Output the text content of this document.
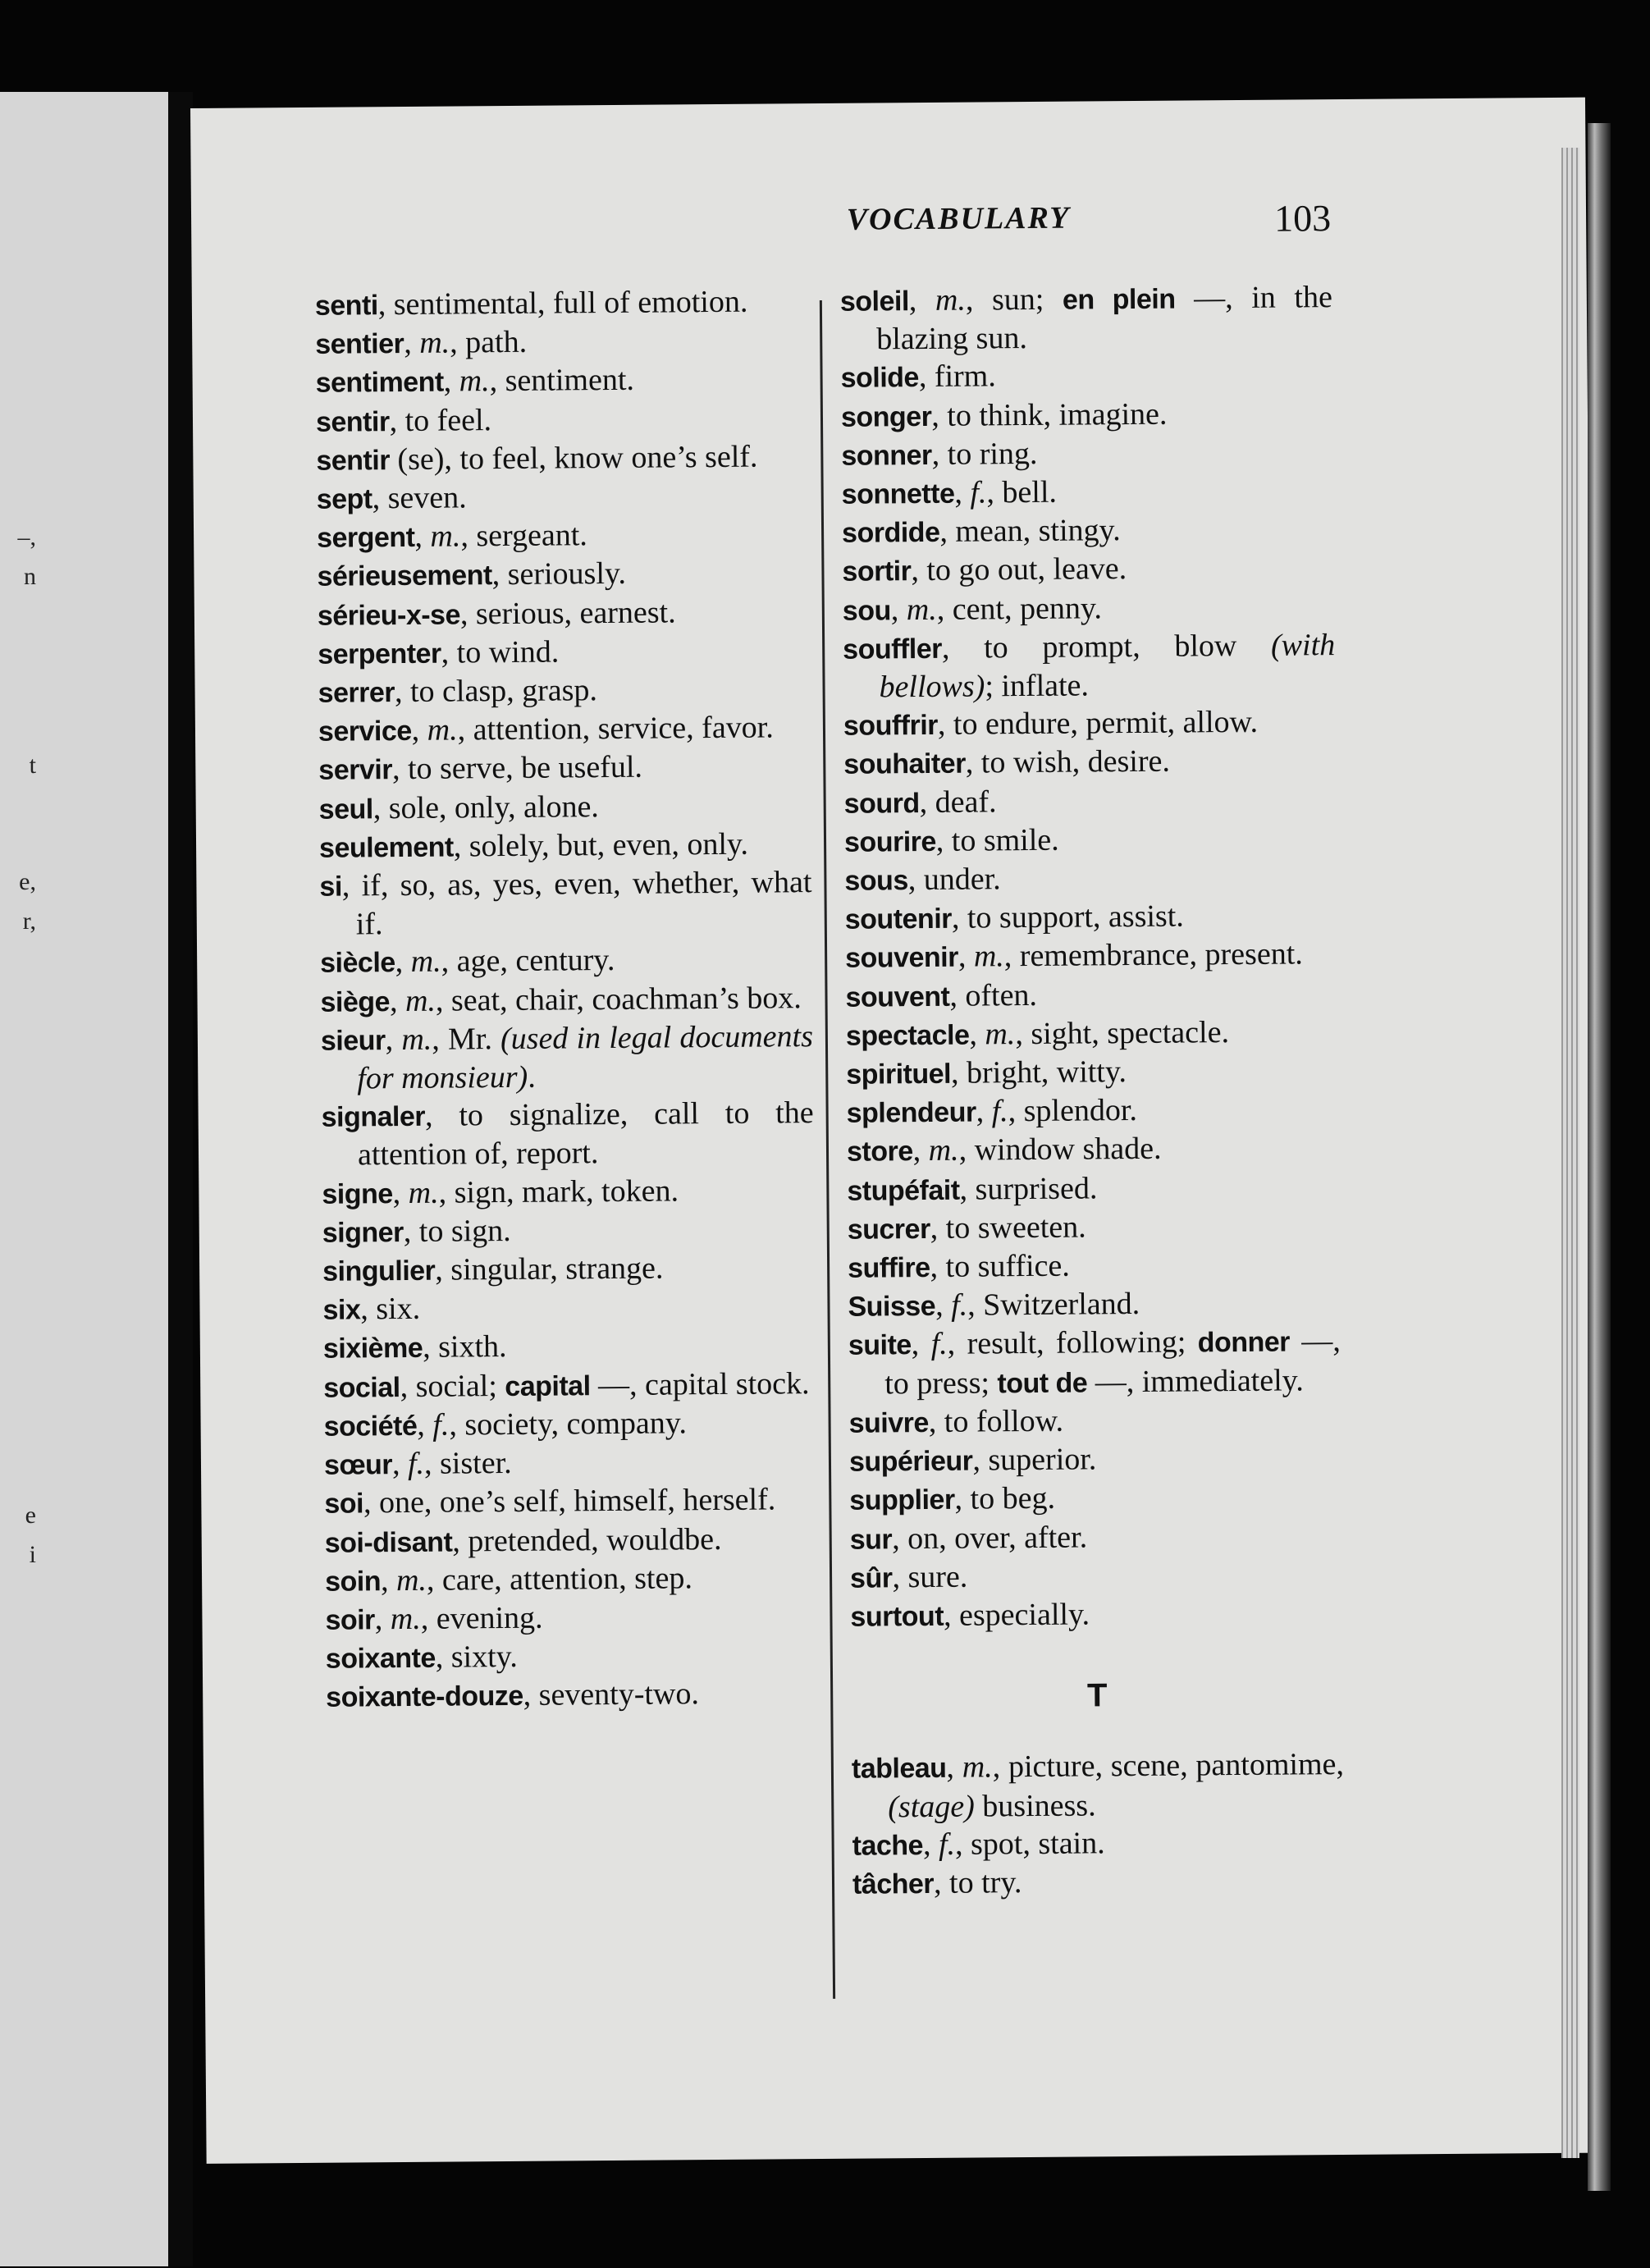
–,
n
t
e,
r,
e
i
VOCABULARY	103

senti, sentimental, full of emotion.

sentier, m., path.

sentiment, m., sentiment.

sentir, to feel.

sentir (se), to feel, know one’s self.

sept, seven.

sergent, m., sergeant.

sérieusement, seriously.

sérieu-x-se, serious, earnest.

serpenter, to wind.

serrer, to clasp, grasp.

service, m., attention, service, favor.

servir, to serve, be useful.

seul, sole, only, alone.

seulement, solely, but, even, only.

si, if, so, as, yes, even, whether, what if.

siècle, m., age, century.

siège, m., seat, chair, coachman’s box.

sieur, m., Mr. (used in legal documents for monsieur).

signaler, to signalize, call to the attention of, report.

signe, m., sign, mark, token.

signer, to sign.

singulier, singular, strange.

six, six.

sixième, sixth.

social, social; capital —, capital stock.

société, f., society, company.

sœur, f., sister.

soi, one, one’s self, himself, herself.

soi-disant, pretended, wouldbe.

soin, m., care, attention, step.

soir, m., evening.

soixante, sixty.

soixante-douze, seventy-two.

soleil, m., sun; en plein —, in the blazing sun.

solide, firm.

songer, to think, imagine.

sonner, to ring.

sonnette, f., bell.

sordide, mean, stingy.

sortir, to go out, leave.

sou, m., cent, penny.

souffler, to prompt, blow (with bellows); inflate.

souffrir, to endure, permit, allow.

souhaiter, to wish, desire.

sourd, deaf.

sourire, to smile.

sous, under.

soutenir, to support, assist.

souvenir, m., remembrance, present.

souvent, often.

spectacle, m., sight, spectacle.

spirituel, bright, witty.

splendeur, f., splendor.

store, m., window shade.

stupéfait, surprised.

sucrer, to sweeten.

suffire, to suffice.

Suisse, f., Switzerland.

suite, f., result, following; donner —, to press; tout de —, immediately.

suivre, to follow.

supérieur, superior.

supplier, to beg.

sur, on, over, after.

sûr, sure.

surtout, especially.

T

tableau, m., picture, scene, pantomime, (stage) business.

tache, f., spot, stain.

tâcher, to try.
